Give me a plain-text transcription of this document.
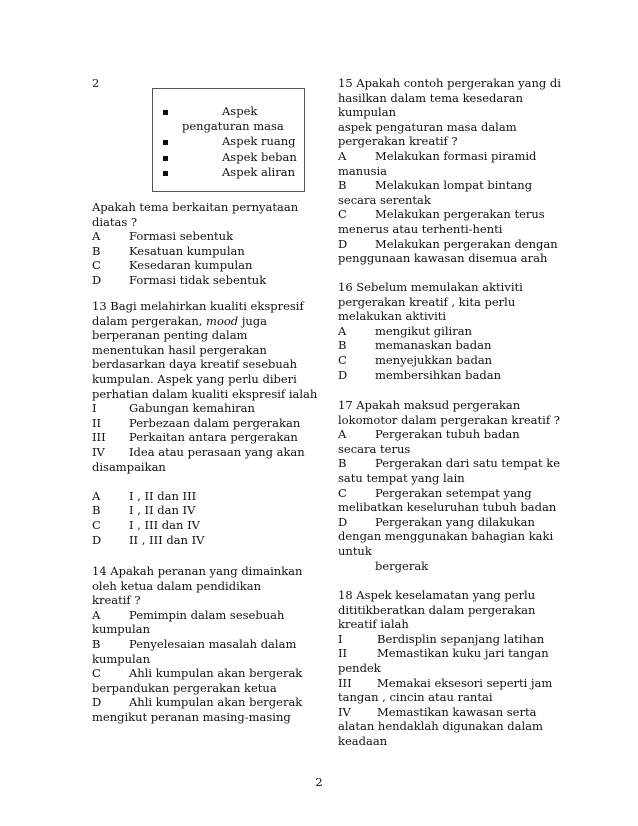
2
Apakah tema berkaitan pernyataan
diatas ?
A	Formasi sebentuk
B	Kesatuan kumpulan
C	Kesedaran kumpulan
D	Formasi tidak sebentuk
13 Bagi melahirkan kualiti ekspresif
dalam pergerakan, mood juga
berperanan penting dalam
menentukan hasil pergerakan
berdasarkan daya kreatif sesebuah
kumpulan. Aspek yang perlu diberi
perhatian dalam kualiti ekspresif ialah
I	Gabungan kemahiran
II	Perbezaan dalam pergerakan
III	Perkaitan antara pergerakan
IV	Idea atau perasaan yang akan
disampaikan
A	I , II dan III
B	I , II dan IV
C	I , III dan IV
D	II , III dan IV
14 Apakah peranan yang dimainkan
oleh ketua dalam pendidikan
kreatif ?
A	Pemimpin dalam sesebuah
kumpulan
B	Penyelesaian masalah dalam
kumpulan
C	Ahli kumpulan akan bergerak
berpandukan pergerakan ketua
D	Ahli kumpulan akan bergerak
mengikut peranan masing-masing
Aspek
pengaturan masa
Aspek ruang
Aspek beban
Aspek aliran
15 Apakah contoh pergerakan yang di
hasilkan dalam tema kesedaran
kumpulan
aspek pengaturan masa dalam
pergerakan kreatif ?
A	Melakukan formasi piramid
manusia
B	Melakukan lompat bintang
secara serentak
C	Melakukan pergerakan terus
menerus atau terhenti-henti
D	Melakukan pergerakan dengan
penggunaan kawasan disemua arah
16 Sebelum memulakan aktiviti
pergerakan kreatif , kita perlu
melakukan aktiviti
A	mengikut giliran
B	memanaskan badan
C	menyejukkan badan
D	membersihkan badan
17 Apakah maksud pergerakan
lokomotor dalam pergerakan kreatif ?
A	Pergerakan tubuh badan
secara terus
B	Pergerakan dari satu tempat ke
satu tempat yang lain
C	Pergerakan setempat yang
melibatkan keseluruhan tubuh badan
D	Pergerakan yang dilakukan
dengan menggunakan bahagian kaki
untuk
bergerak
18 Aspek keselamatan yang perlu
dititikberatkan dalam pergerakan
kreatif ialah
I	Berdisplin sepanjang latihan
II	Memastikan kuku jari tangan
pendek
III	Memakai eksesori seperti jam
tangan , cincin atau rantai
IV	Memastikan kawasan serta
alatan hendaklah digunakan dalam
keadaan
2
